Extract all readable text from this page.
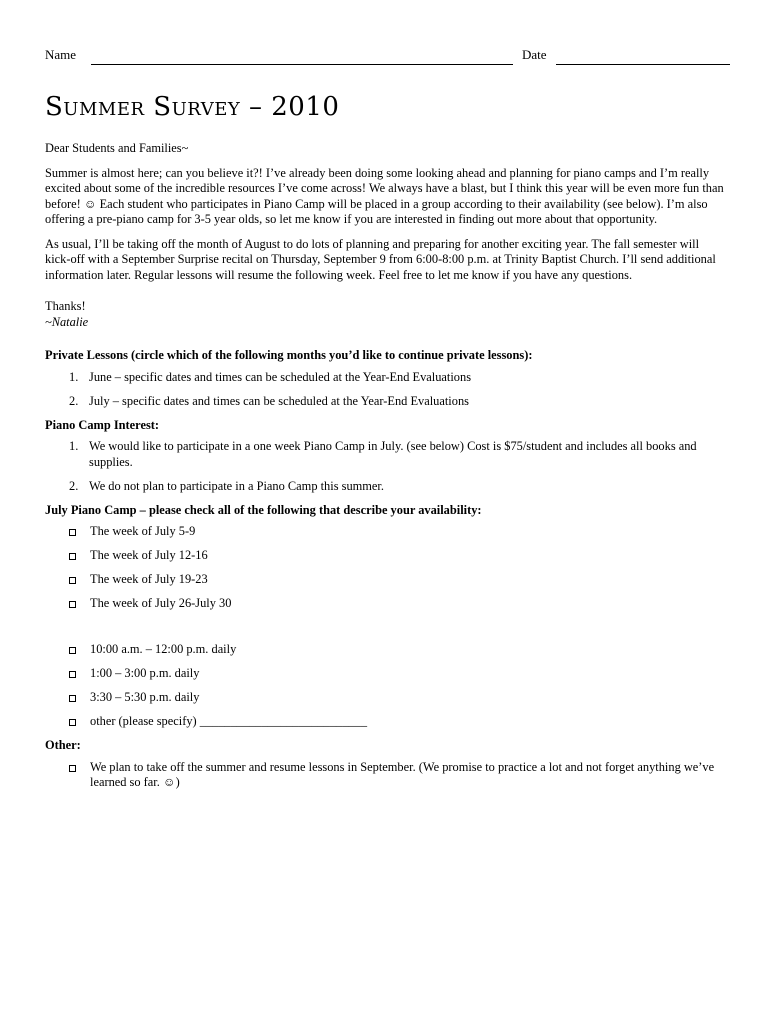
Name	Date
Summer Survey – 2010

Dear Students and Families~

Summer is almost here; can you believe it?! I’ve already been doing some looking ahead and planning for piano camps and I’m really excited about some of the incredible resources I’ve come across! We always have a blast, but I think this year will be even more fun than before! ☺ Each student who participates in Piano Camp will be placed in a group according to their availability (see below). I’m also offering a pre-piano camp for 3-5 year olds, so let me know if you are interested in finding out more about that opportunity.

As usual, I’ll be taking off the month of August to do lots of planning and preparing for another exciting year. The fall semester will kick-off with a September Surprise recital on Thursday, September 9 from 6:00-8:00 p.m. at Trinity Baptist Church. I’ll send additional information later. Regular lessons will resume the following week. Feel free to let me know if you have any questions.

Thanks!

~Natalie

Private Lessons (circle which of the following months you’d like to continue private lessons):

1. June – specific dates and times can be scheduled at the Year-End Evaluations
2. July – specific dates and times can be scheduled at the Year-End Evaluations

Piano Camp Interest:

1. We would like to participate in a one week Piano Camp in July. (see below) Cost is $75/student and includes all books and supplies.
2. We do not plan to participate in a Piano Camp this summer.

July Piano Camp – please check all of the following that describe your availability:

The week of July 5-9
The week of July 12-16
The week of July 19-23
The week of July 26-July 30
10:00 a.m. – 12:00 p.m. daily
1:00 – 3:00 p.m. daily
3:30 – 5:30 p.m. daily
other (please specify) ___________________________

Other:

We plan to take off the summer and resume lessons in September. (We promise to practice a lot and not forget anything we’ve learned so far. ☺)
